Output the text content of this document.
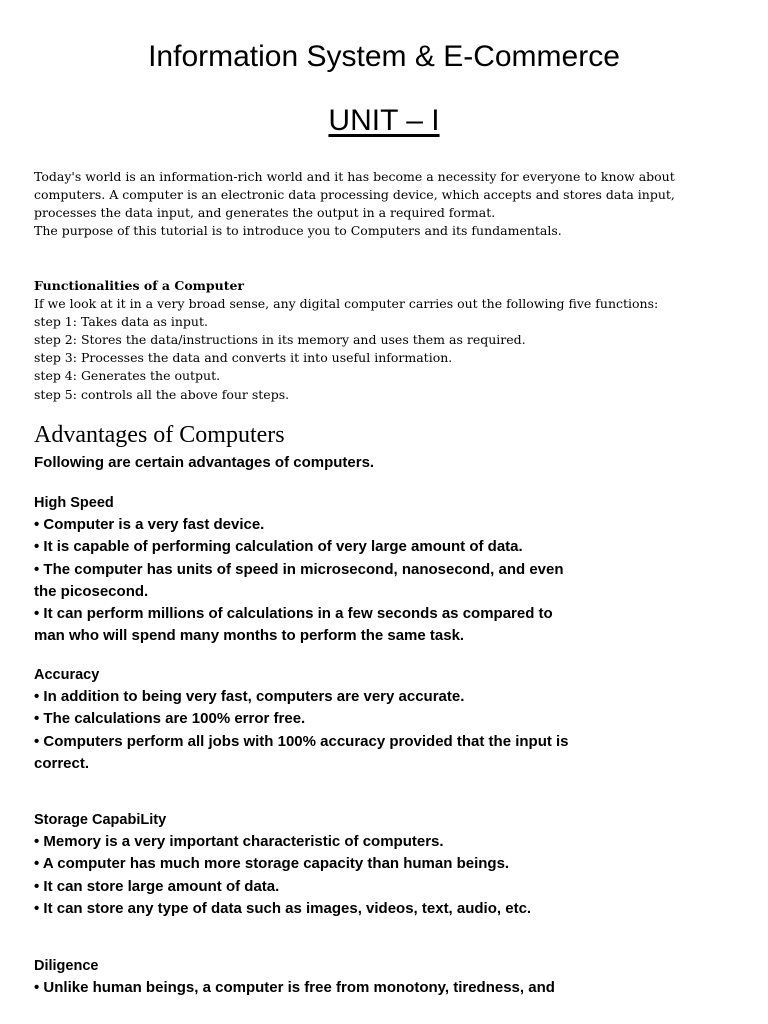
Information System & E-Commerce
UNIT – I

Today's world is an information-rich world and it has become a necessity for everyone to know about

computers. A computer is an electronic data processing device, which accepts and stores data input,

processes the data input, and generates the output in a required format.

The purpose of this tutorial is to introduce you to Computers and its fundamentals.

Functionalities of a Computer

If we look at it in a very broad sense, any digital computer carries out the following five functions:

step 1: Takes data as input.

step 2: Stores the data/instructions in its memory and uses them as required.

step 3: Processes the data and converts it into useful information.

step 4: Generates the output.

step 5: controls all the above four steps.

Advantages of Computers

Following are certain advantages of computers.

High Speed

• Computer is a very fast device.

• It is capable of performing calculation of very large amount of data.

• The computer has units of speed in microsecond, nanosecond, and even

the picosecond.

• It can perform millions of calculations in a few seconds as compared to

man who will spend many months to perform the same task.

Accuracy

• In addition to being very fast, computers are very accurate.

• The calculations are 100% error free.

• Computers perform all jobs with 100% accuracy provided that the input is

correct.

Storage CapabiLity

• Memory is a very important characteristic of computers.

• A computer has much more storage capacity than human beings.

• It can store large amount of data.

• It can store any type of data such as images, videos, text, audio, etc.

Diligence

• Unlike human beings, a computer is free from monotony, tiredness, and
